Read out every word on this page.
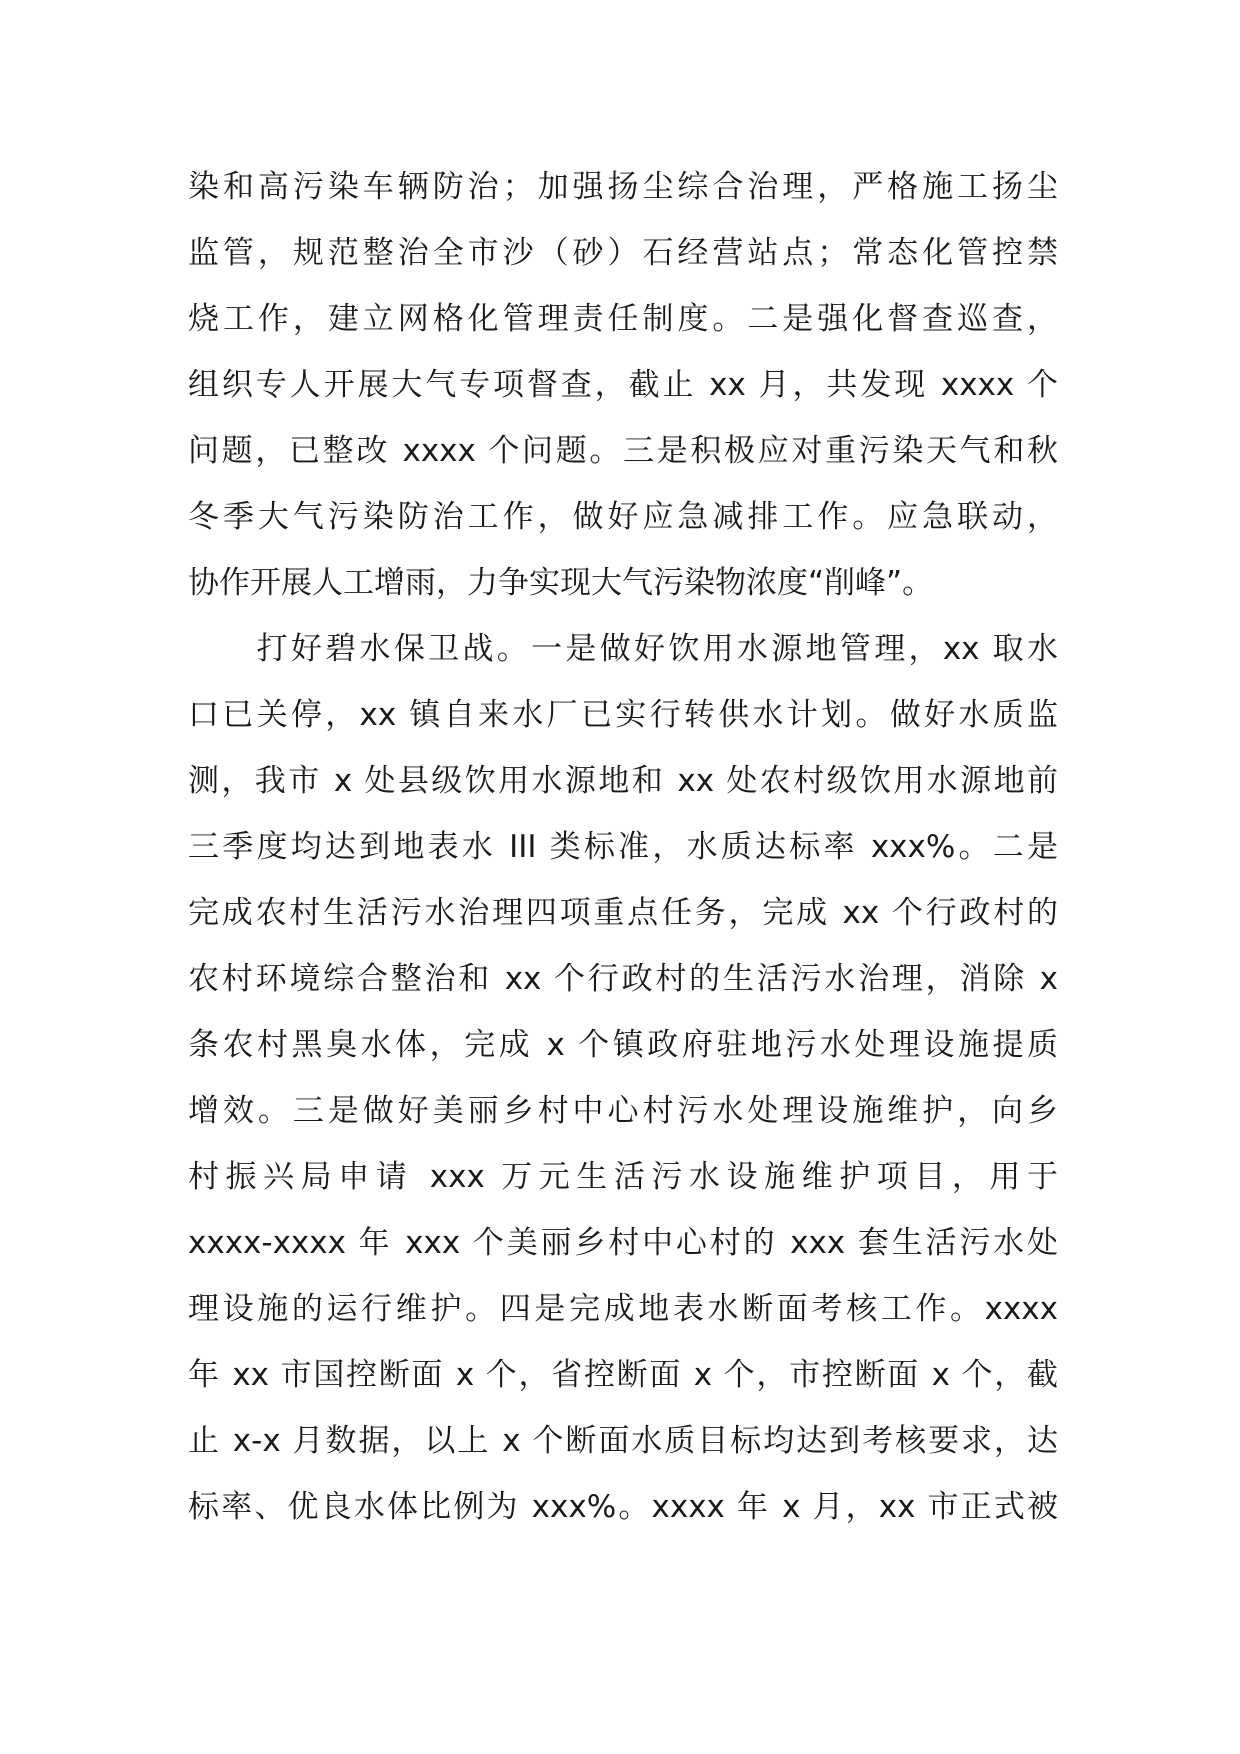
染和高污染车辆防治；加强扬尘综合治理，严格施工扬尘
监管，规范整治全市沙（砂）石经营站点；常态化管控禁
烧工作，建立网格化管理责任制度。二是强化督查巡查，
组织专人开展大气专项督查，截止 xx 月，共发现 xxxx 个
问题，已整改 xxxx 个问题。三是积极应对重污染天气和秋
冬季大气污染防治工作，做好应急减排工作。应急联动，
协作开展人工增雨，力争实现大气污染物浓度“削峰”。
　　打好碧水保卫战。一是做好饮用水源地管理，xx 取水
口已关停，xx 镇自来水厂已实行转供水计划。做好水质监
测，我市 x 处县级饮用水源地和 xx 处农村级饮用水源地前
三季度均达到地表水 III 类标准，水质达标率 xxx%。二是
完成农村生活污水治理四项重点任务，完成 xx 个行政村的
农村环境综合整治和 xx 个行政村的生活污水治理，消除 x
条农村黑臭水体，完成 x 个镇政府驻地污水处理设施提质
增效。三是做好美丽乡村中心村污水处理设施维护，向乡
村振兴局申请 xxx 万元生活污水设施维护项目，用于
xxxx-xxxx 年 xxx 个美丽乡村中心村的 xxx 套生活污水处
理设施的运行维护。四是完成地表水断面考核工作。xxxx
年 xx 市国控断面 x 个，省控断面 x 个，市控断面 x 个，截
止 x-x 月数据，以上 x 个断面水质目标均达到考核要求，达
标率、优良水体比例为 xxx%。xxxx 年 x 月，xx 市正式被
